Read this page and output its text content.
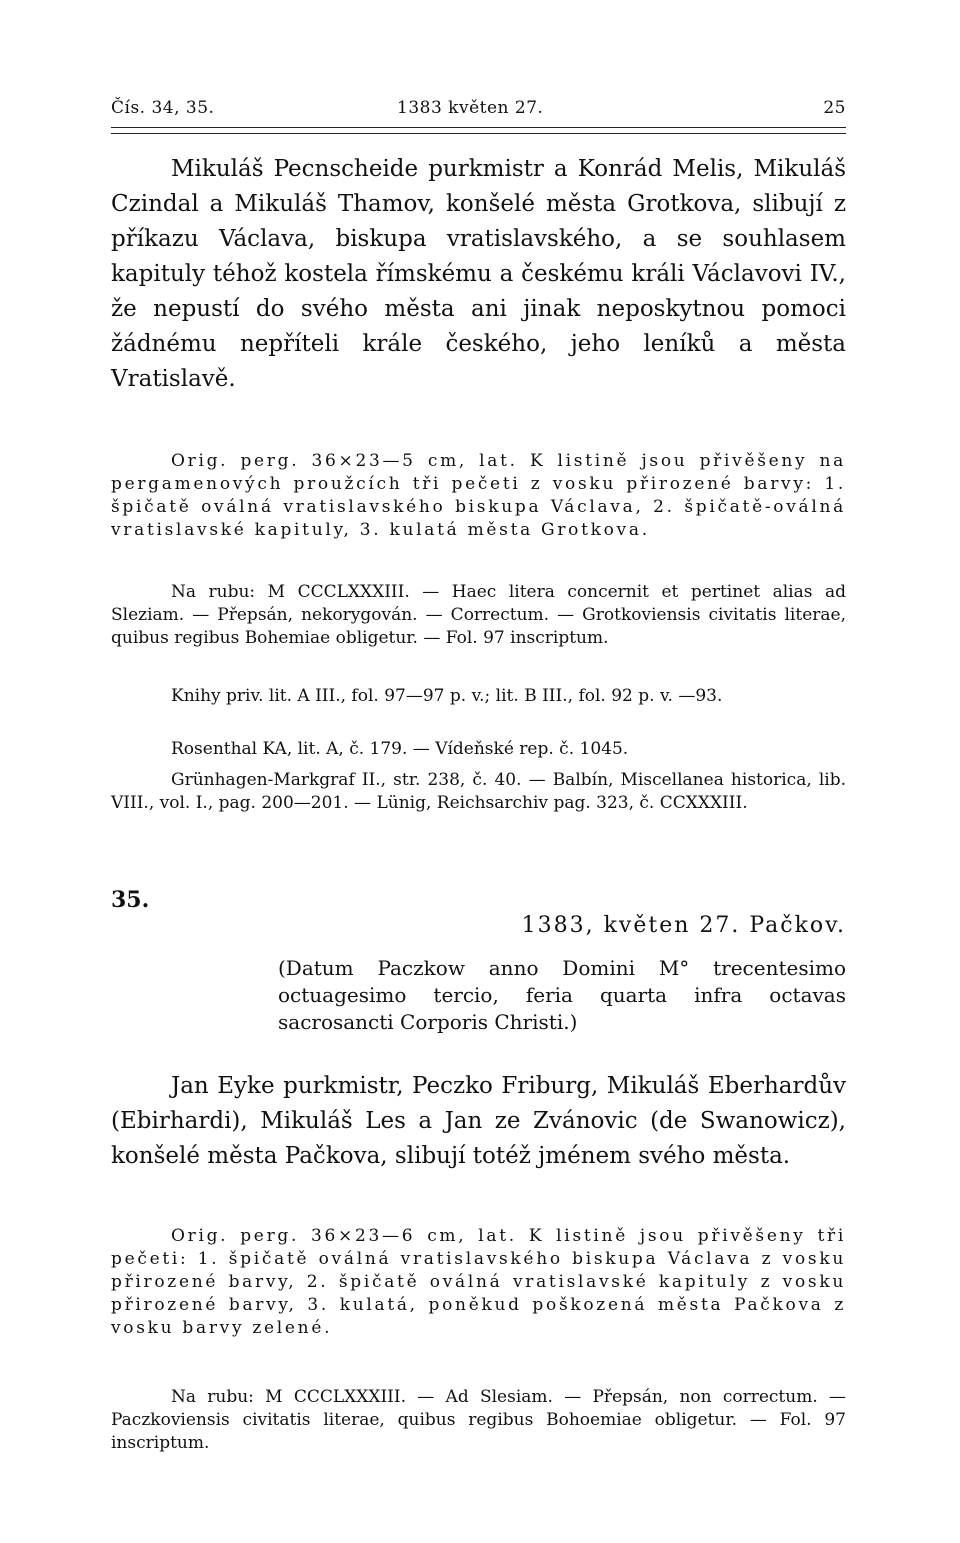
Čís. 34, 35.	1383 květen 27.	25

Mikuláš Pecnscheide purkmistr a Konrád Melis, Mikuláš Czindal a Mikuláš Thamov, konšelé města Grotkova, slibují z příkazu Václava, biskupa vratislavského, a se souhlasem kapituly téhož kostela římskému a českému králi Václavovi IV., že nepustí do svého města ani jinak neposkytnou pomoci žádnému nepříteli krále českého, jeho leníků a města Vratislavě.

Orig. perg. 36×23—5 cm, lat. K listině jsou přivěšeny na pergamenových proužcích tři pečeti z vosku přirozené barvy: 1. špičatě oválná vratislavského biskupa Václava, 2. špičatě-oválná vratislavské kapituly, 3. kulatá města Grotkova.

Na rubu: M CCCLXXXIII. — Haec litera concernit et pertinet alias ad Sleziam. — Přepsán, nekorygován. — Correctum. — Grotkoviensis civitatis literae, quibus regibus Bohemiae obligetur. — Fol. 97 inscriptum.

Knihy priv. lit. A III., fol. 97—97 p. v.; lit. B III., fol. 92 p. v. —93.

Rosenthal KA, lit. A, č. 179. — Vídeňské rep. č. 1045.

Grünhagen-Markgraf II., str. 238, č. 40. — Balbín, Miscellanea historica, lib. VIII., vol. I., pag. 200—201. — Lünig, Reichsarchiv pag. 323, č. CCXXXIII.

35.
1383, květen 27. Pačkov.

(Datum Paczkow anno Domini M° trecentesimo octuagesimo tercio, feria quarta infra octavas sacrosancti Corporis Christi.)

Jan Eyke purkmistr, Peczko Friburg, Mikuláš Eberhardův (Ebirhardi), Mikuláš Les a Jan ze Zvánovic (de Swanowicz), konšelé města Pačkova, slibují totéž jménem svého města.

Orig. perg. 36×23—6 cm, lat. K listině jsou přivěšeny tři pečeti: 1. špičatě oválná vratislavského biskupa Václava z vosku přirozené barvy, 2. špičatě oválná vratislavské kapituly z vosku přirozené barvy, 3. kulatá, poněkud poškozená města Pačkova z vosku barvy zelené.

Na rubu: M CCCLXXXIII. — Ad Slesiam. — Přepsán, non correctum. — Paczkoviensis civitatis literae, quibus regibus Bohoemiae obligetur. — Fol. 97 inscriptum.
